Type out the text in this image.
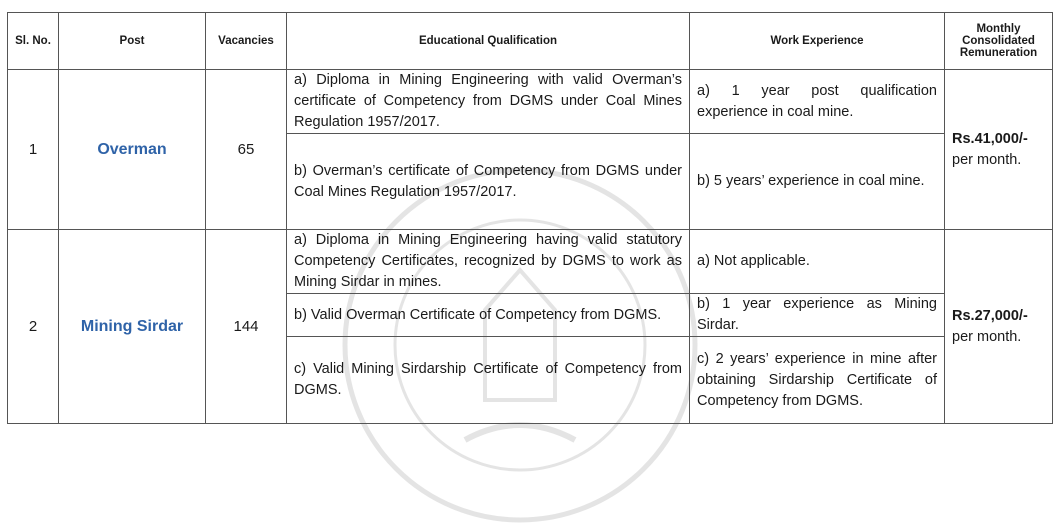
Sl. No.	Post	Vacancies	Educational Qualification	Work Experience	Monthly Consolidated Remuneration
1	Overman	65	a) Diploma in Mining Engineering with valid Overman’s certificate of Competency from DGMS under Coal Mines Regulation 1957/2017.	a) 1 year post qualification experience in coal mine.	Rs.41,000/-
per month.

			b) Overman’s certificate of Competency from DGMS under Coal Mines Regulation 1957/2017.	b) 5 years’ experience in coal mine.	
2	Mining Sirdar	144	a) Diploma in Mining Engineering having valid statutory Competency Certificates, recognized by DGMS to work as Mining Sirdar in mines.	a) Not applicable.	Rs.27,000/-
per month.

			b) Valid Overman Certificate of Competency from DGMS.	b) 1 year experience as Mining Sirdar.	
			c) Valid Mining Sirdarship Certificate of Competency from DGMS.	c) 2 years’ experience in mine after obtaining Sirdarship Certificate of Competency from DGMS.	
